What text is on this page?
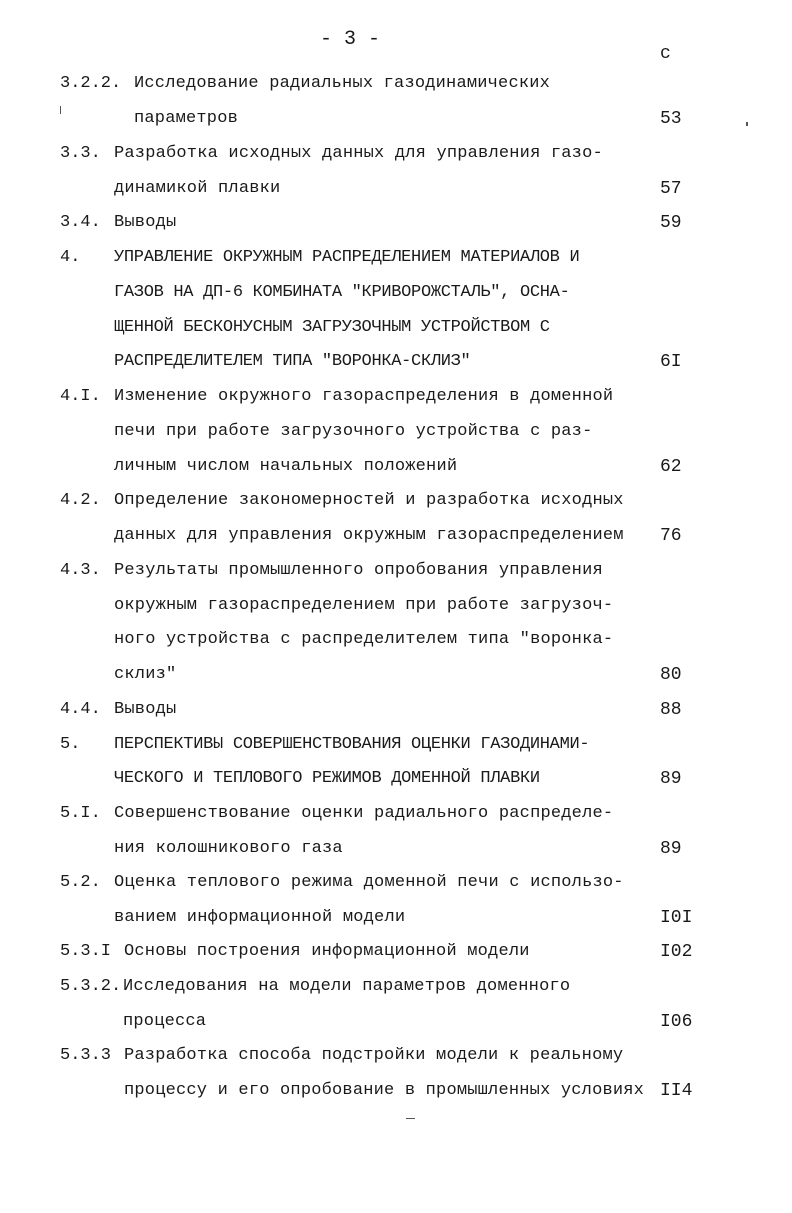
- 3 -
с
3.2.2. Исследование радиальных газодинамических
параметров	53
3.3. Разработка исходных данных для управления газо-
динамикой плавки	57
3.4. Выводы	59
4. УПРАВЛЕНИЕ ОКРУЖНЫМ РАСПРЕДЕЛЕНИЕМ МАТЕРИАЛОВ И
ГАЗОВ НА ДП-6 КОМБИНАТА "КРИВОРОЖСТАЛЬ", ОСНА-
ЩЕННОЙ БЕСКОНУСНЫМ ЗАГРУЗОЧНЫМ УСТРОЙСТВОМ С
РАСПРЕДЕЛИТЕЛЕМ ТИПА "ВОРОНКА-СКЛИЗ"	6I
4.I. Изменение окружного газораспределения в доменной
печи при работе загрузочного устройства с раз-
личным числом начальных положений	62
4.2. Определение закономерностей и разработка исходных
данных для управления окружным газораспределением 76
4.3. Результаты промышленного опробования управления
окружным газораспределением при работе загрузоч-
ного устройства с распределителем типа "воронка-
склиз"	80
4.4. Выводы	88
5. ПЕРСПЕКТИВЫ СОВЕРШЕНСТВОВАНИЯ ОЦЕНКИ ГАЗОДИНАМИ-
ЧЕСКОГО И ТЕПЛОВОГО РЕЖИМОВ ДОМЕННОЙ ПЛАВКИ	89
5.I. Совершенствование оценки радиального распределе-
ния колошникового газа	89
5.2. Оценка теплового режима доменной печи с использо-
ванием информационной модели	I0I
5.3.I Основы построения информационной модели	I02
5.3.2. Исследования на модели параметров доменного
процесса	I06
5.3.3 Разработка способа подстройки модели к реальному
процессу и его опробование в промышленных условиях II4
